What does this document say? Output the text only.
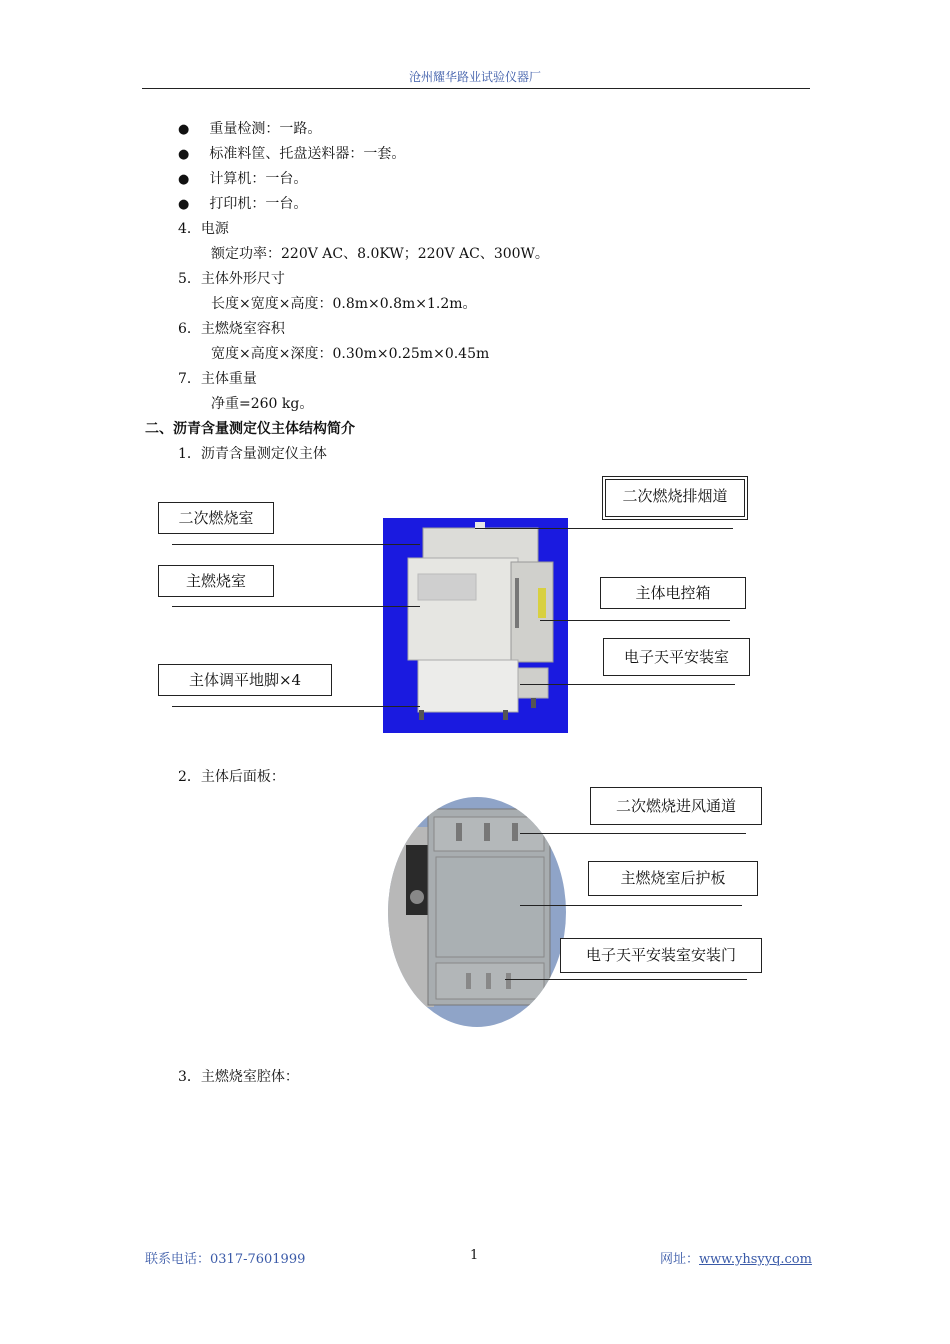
沧州耀华路业试验仪器厂
● 重量检测：一路。
● 标准料筐、托盘送料器：一套。
● 计算机：一台。
● 打印机：一台。
4．电源
额定功率：220V AC、8.0KW；220V AC、300W。
5．主体外形尺寸
长度×宽度×高度：0.8m×0.8m×1.2m。
6．主燃烧室容积
宽度×高度×深度：0.30m×0.25m×0.45m
7．主体重量
净重=260 kg。
二、沥青含量测定仪主体结构简介
1．沥青含量测定仪主体
二次燃烧室
主燃烧室
主体调平地脚×4
二次燃烧排烟道
主体电控箱
电子天平安装室
2．主体后面板：
二次燃烧进风通道
主燃烧室后护板
电子天平安装室安装门
3．主燃烧室腔体：
联系电话：0317-7601999	1	网址：www.yhsyyq.com
